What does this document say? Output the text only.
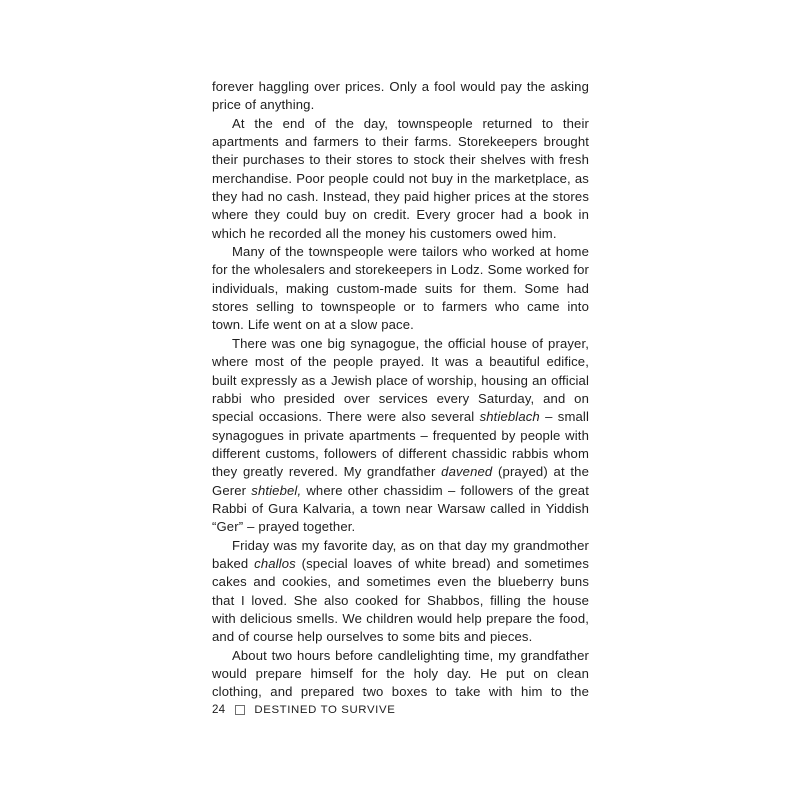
forever haggling over prices. Only a fool would pay the asking price of anything.

At the end of the day, townspeople returned to their apartments and farmers to their farms. Storekeepers brought their purchases to their stores to stock their shelves with fresh merchandise. Poor people could not buy in the marketplace, as they had no cash. Instead, they paid higher prices at the stores where they could buy on credit. Every grocer had a book in which he recorded all the money his customers owed him.

Many of the townspeople were tailors who worked at home for the wholesalers and storekeepers in Lodz. Some worked for individuals, making custom-made suits for them. Some had stores selling to townspeople or to farmers who came into town. Life went on at a slow pace.

There was one big synagogue, the official house of prayer, where most of the people prayed. It was a beautiful edifice, built expressly as a Jewish place of worship, housing an official rabbi who presided over services every Saturday, and on special occasions. There were also several shtieblach – small synagogues in private apartments – frequented by people with different customs, followers of different chassidic rabbis whom they greatly revered. My grandfather davened (prayed) at the Gerer shtiebel, where other chassidim – followers of the great Rabbi of Gura Kalvaria, a town near Warsaw called in Yiddish “Ger” – prayed together.

Friday was my favorite day, as on that day my grandmother baked challos (special loaves of white bread) and sometimes cakes and cookies, and sometimes even the blueberry buns that I loved. She also cooked for Shabbos, filling the house with delicious smells. We children would help prepare the food, and of course help ourselves to some bits and pieces.

About two hours before candlelighting time, my grandfather would prepare himself for the holy day. He put on clean clothing, and prepared two boxes to take with him to the

24	DESTINED TO SURVIVE
